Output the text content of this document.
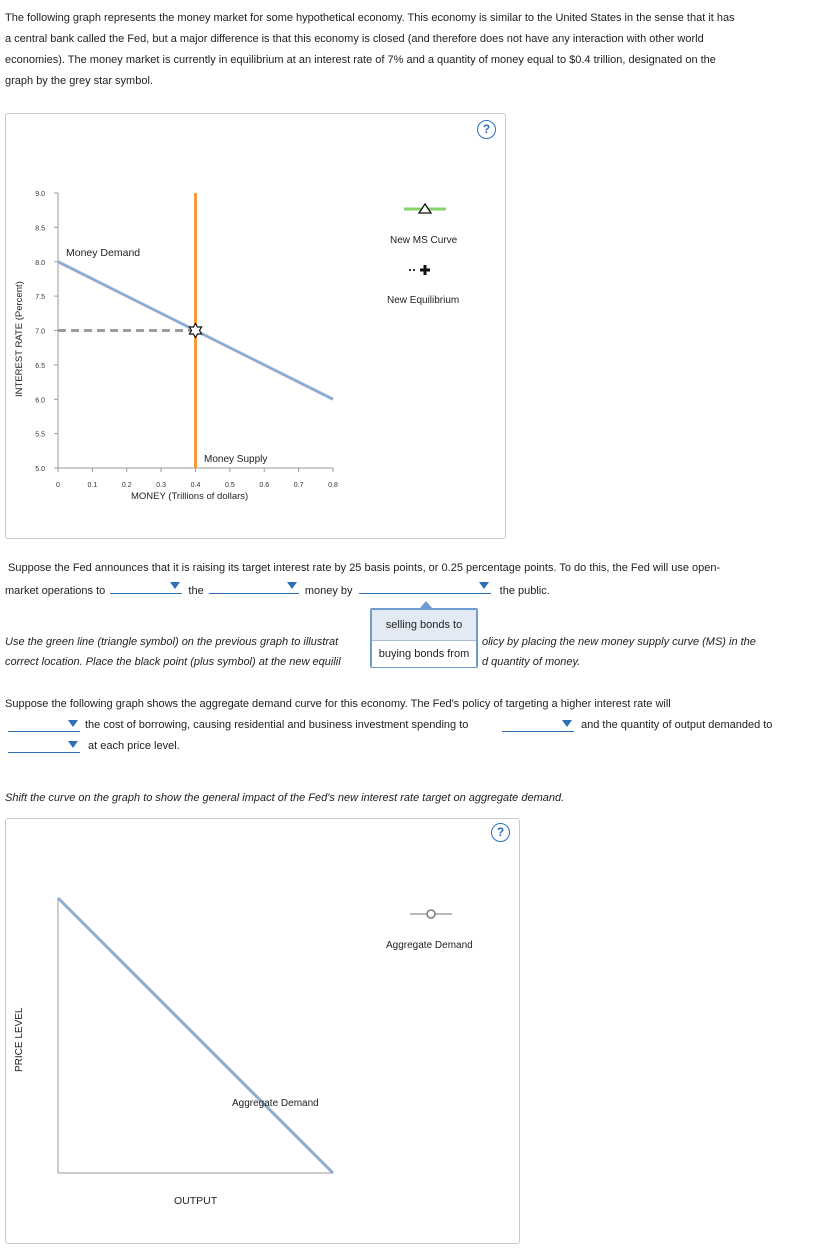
The following graph represents the money market for some hypothetical economy. This economy is similar to the United States in the sense that it has
a central bank called the Fed, but a major difference is that this economy is closed (and therefore does not have any interaction with other world
economies). The money market is currently in equilibrium at an interest rate of 7% and a quantity of money equal to $0.4 trillion, designated on the
graph by the grey star symbol.
?
INTEREST RATE (Percent)
9.0
8.5
8.0
7.5
7.0
6.5
6.0
5.5
5.0
0	0.1	0.2	0.3	0.4	0.5	0.6	0.7	0.8
MONEY (Trillions of dollars)
Money Demand
Money Supply
New MS Curve
New Equilibrium
Suppose the Fed announces that it is raising its target interest rate by 25 basis points, or 0.25 percentage points. To do this, the Fed will use open-
market operations to	the	money by	the public.
selling bonds to
buying bonds from
Use the green line (triangle symbol) on the previous graph to illustrat	olicy by placing the new money supply curve (MS) in the
correct location. Place the black point (plus symbol) at the new equilil	d quantity of money.
Suppose the following graph shows the aggregate demand curve for this economy. The Fed's policy of targeting a higher interest rate will
the cost of borrowing, causing residential and business investment spending to	and the quantity of output demanded to
at each price level.
Shift the curve on the graph to show the general impact of the Fed's new interest rate target on aggregate demand.
?
PRICE LEVEL
Aggregate Demand
OUTPUT
Aggregate Demand
